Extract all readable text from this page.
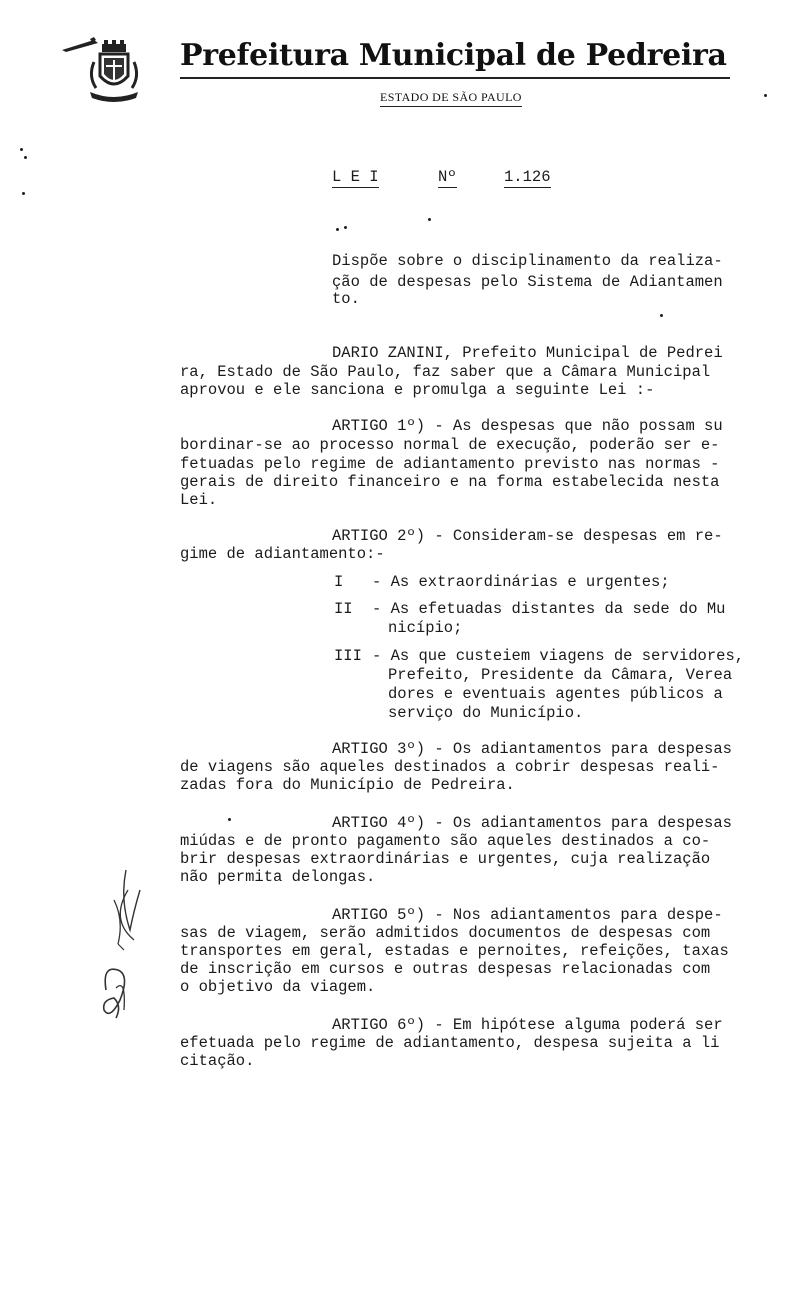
Prefeitura Municipal de Pedreira
ESTADO DE SÃO PAULO
L E I	Nº	1.126
Dispõe sobre o disciplinamento da realiza-
ção de despesas pelo Sistema de Adiantamen
to.
DARIO ZANINI, Prefeito Municipal de Pedrei
ra, Estado de São Paulo, faz saber que a Câmara Municipal
aprovou e ele sanciona e promulga a seguinte Lei :-
ARTIGO 1º) - As despesas que não possam su
bordinar-se ao processo normal de execução, poderão ser e-
fetuadas pelo regime de adiantamento previsto nas normas -
gerais de direito financeiro e na forma estabelecida nesta
Lei.
ARTIGO 2º) - Consideram-se despesas em re-
gime de adiantamento:-
I - As extraordinárias e urgentes;
II - As efetuadas distantes da sede do Mu
nicípio;
III - As que custeiem viagens de servidores,
Prefeito, Presidente da Câmara, Verea
dores e eventuais agentes públicos a
serviço do Município.
ARTIGO 3º) - Os adiantamentos para despesas
de viagens são aqueles destinados a cobrir despesas reali-
zadas fora do Município de Pedreira.
ARTIGO 4º) - Os adiantamentos para despesas
miúdas e de pronto pagamento são aqueles destinados a co-
brir despesas extraordinárias e urgentes, cuja realização
não permita delongas.
ARTIGO 5º) - Nos adiantamentos para despe-
sas de viagem, serão admitidos documentos de despesas com
transportes em geral, estadas e pernoites, refeições, taxas
de inscrição em cursos e outras despesas relacionadas com
o objetivo da viagem.
ARTIGO 6º) - Em hipótese alguma poderá ser
efetuada pelo regime de adiantamento, despesa sujeita a li
citação.
